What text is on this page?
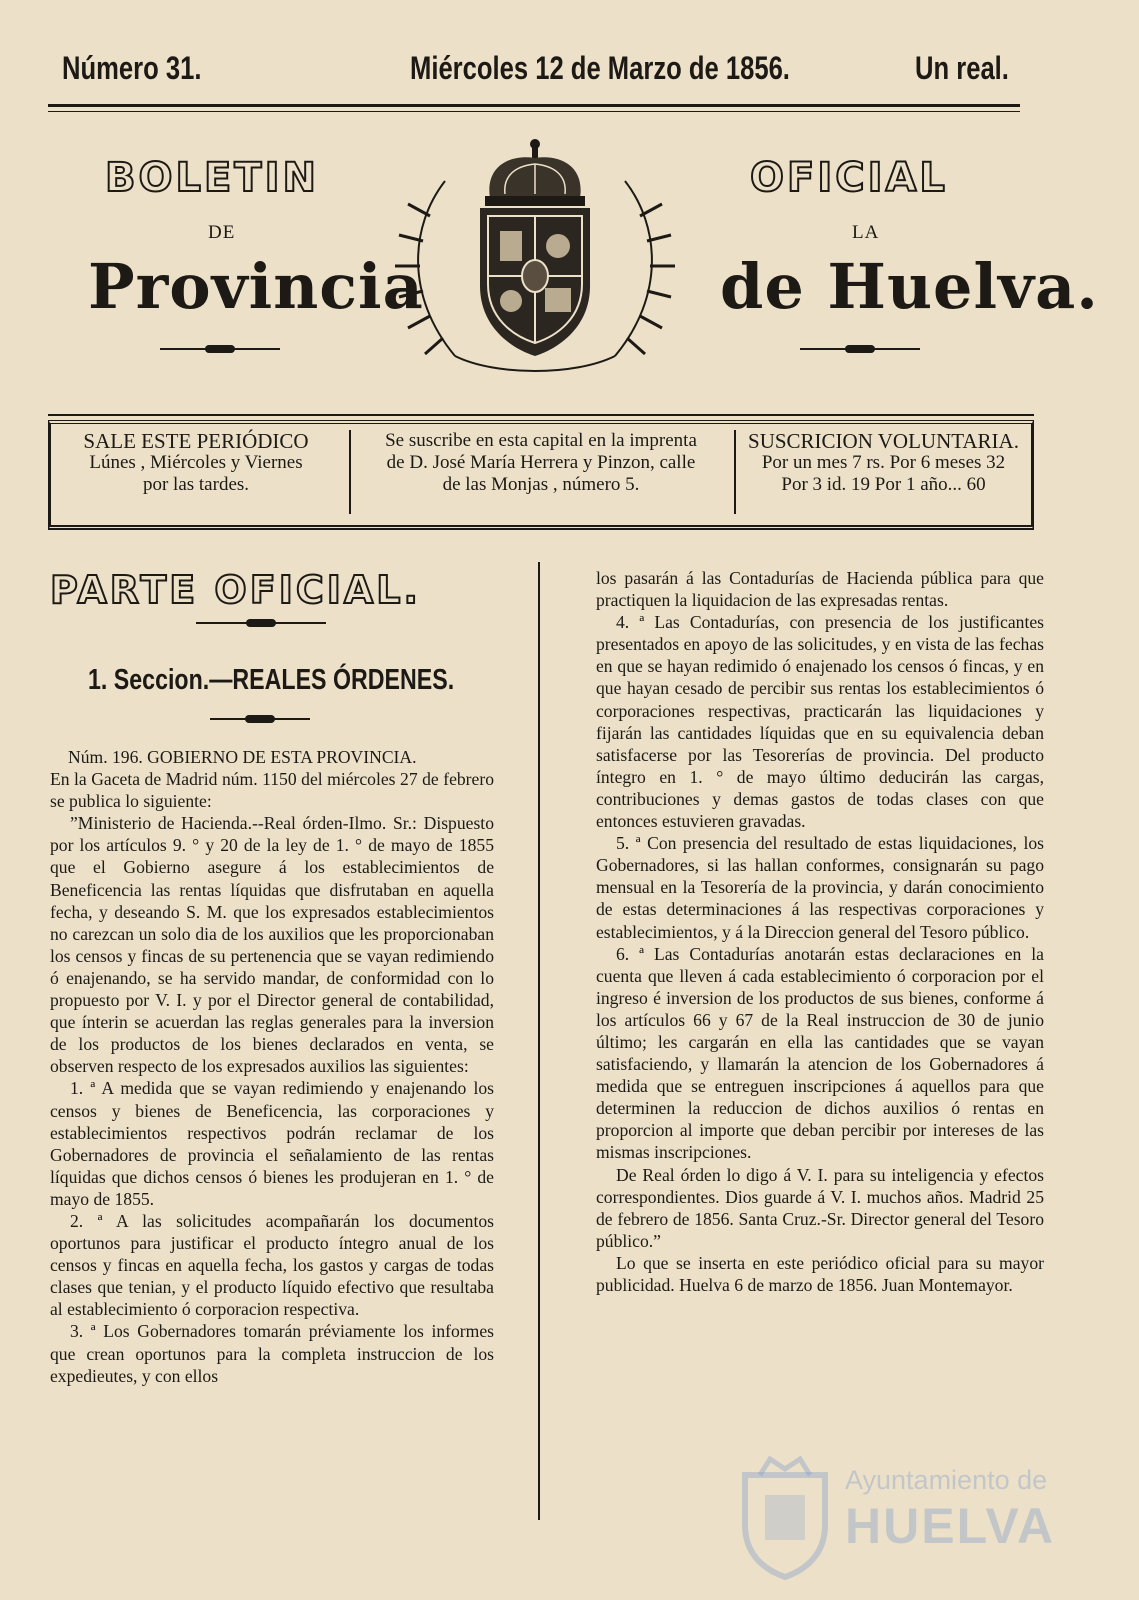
Número 31.	Miércoles 12 de Marzo de 1856.	Un real.
BOLETIN
DE
Provincia
OFICIAL
LA
de Huelva.
SALE ESTE PERIÓDICO
Lúnes , Miércoles y Viernes
por las tardes.
Se suscribe en esta capital en la imprenta
de D. José María Herrera y Pinzon, calle
de las Monjas , número 5.
SUSCRICION VOLUNTARIA.
Por un mes 7 rs. Por 6 meses 32
Por 3 id. 19 Por 1 año... 60
PARTE OFICIAL.
1. Seccion.—REALES ÓRDENES.

Núm. 196. GOBIERNO DE ESTA PROVINCIA.

En la Gaceta de Madrid núm. 1150 del miércoles 27 de febrero se publica lo siguiente:

”Ministerio de Hacienda.--Real órden-Ilmo. Sr.: Dispuesto por los artículos 9. ° y 20 de la ley de 1. ° de mayo de 1855 que el Gobierno asegure á los establecimientos de Beneficencia las rentas líquidas que disfrutaban en aquella fecha, y deseando S. M. que los expresados establecimientos no carezcan un solo dia de los auxilios que les proporcionaban los censos y fincas de su pertenencia que se vayan redimiendo ó enajenando, se ha servido mandar, de conformidad con lo propuesto por V. I. y por el Director general de contabilidad, que ínterin se acuerdan las reglas generales para la inversion de los productos de los bienes declarados en venta, se observen respecto de los expresados auxilios las siguientes:

1. ª A medida que se vayan redimiendo y enajenando los censos y bienes de Beneficencia, las corporaciones y establecimientos respectivos podrán reclamar de los Gobernadores de provincia el señalamiento de las rentas líquidas que dichos censos ó bienes les produjeran en 1. ° de mayo de 1855.

2. ª A las solicitudes acompañarán los documentos oportunos para justificar el producto íntegro anual de los censos y fincas en aquella fecha, los gastos y cargas de todas clases que tenian, y el producto líquido efectivo que resultaba al establecimiento ó corporacion respectiva.

3. ª Los Gobernadores tomarán préviamente los informes que crean oportunos para la completa instruccion de los expedieutes, y con ellos

los pasarán á las Contadurías de Hacienda pública para que practiquen la liquidacion de las expresadas rentas.

4. ª Las Contadurías, con presencia de los justificantes presentados en apoyo de las solicitudes, y en vista de las fechas en que se hayan redimido ó enajenado los censos ó fincas, y en que hayan cesado de percibir sus rentas los establecimientos ó corporaciones respectivas, practicarán las liquidaciones y fijarán las cantidades líquidas que en su equivalencia deban satisfacerse por las Tesorerías de provincia. Del producto íntegro en 1. ° de mayo último deducirán las cargas, contribuciones y demas gastos de todas clases con que entonces estuvieren gravadas.

5. ª Con presencia del resultado de estas liquidaciones, los Gobernadores, si las hallan conformes, consignarán su pago mensual en la Tesorería de la provincia, y darán conocimiento de estas determinaciones á las respectivas corporaciones y establecimientos, y á la Direccion general del Tesoro público.

6. ª Las Contadurías anotarán estas declaraciones en la cuenta que lleven á cada establecimiento ó corporacion por el ingreso é inversion de los productos de sus bienes, conforme á los artículos 66 y 67 de la Real instruccion de 30 de junio último; les cargarán en ella las cantidades que se vayan satisfaciendo, y llamarán la atencion de los Gobernadores á medida que se entreguen inscripciones á aquellos para que determinen la reduccion de dichos auxilios ó rentas en proporcion al importe que deban percibir por intereses de las mismas inscripciones.

De Real órden lo digo á V. I. para su inteligencia y efectos correspondientes. Dios guarde á V. I. muchos años. Madrid 25 de febrero de 1856. Santa Cruz.-Sr. Director general del Tesoro público.”

Lo que se inserta en este periódico oficial para su mayor publicidad. Huelva 6 de marzo de 1856. Juan Montemayor.

Ayuntamiento de
HUELVA
